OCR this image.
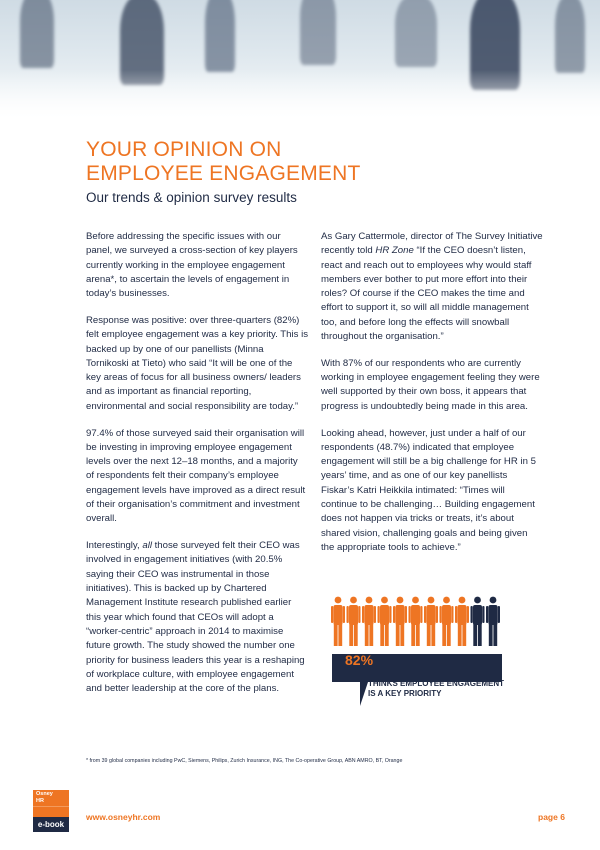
YOUR OPINION ON
EMPLOYEE ENGAGEMENT

Our trends & opinion survey results

Before addressing the specific issues with our panel, we surveyed a cross-section of key players currently working in the employee engagement arena*, to ascertain the levels of engagement in today’s businesses.

Response was positive: over three-quarters (82%) felt employee engagement was a key priority. This is backed up by one of our panellists (Minna Tornikoski at Tieto) who said “It will be one of the key areas of focus for all business owners/ leaders and as important as financial reporting, environmental and social responsibility are today.”

97.4% of those surveyed said their organisation will be investing in improving employee engagement levels over the next 12–18 months, and a majority of respondents felt their company’s employee engagement levels have improved as a direct result of their organisation’s commitment and investment overall.

Interestingly, all those surveyed felt their CEO was involved in engagement initiatives (with 20.5% saying their CEO was instrumental in those initiatives). This is backed up by Chartered Management Institute research published earlier this year which found that CEOs will adopt a “worker-centric” approach in 2014 to maximise future growth. The study showed the number one priority for business leaders this year is a reshaping of workplace culture, with employee engagement and better leadership at the core of the plans.

As Gary Cattermole, director of The Survey Initiative recently told HR Zone “If the CEO doesn’t listen, react and reach out to employees why would staff members ever bother to put more effort into their roles? Of course if the CEO makes the time and effort to support it, so will all middle management too, and before long the effects will snowball throughout the organisation.”

With 87% of our respondents who are currently working in employee engagement feeling they were well supported by their own boss, it appears that progress is undoubtedly being made in this area.

Looking ahead, however, just under a half of our respondents (48.7%) indicated that employee engagement will still be a big challenge for HR in 5 years’ time, and as one of our key panellists Fiskar’s Katri Heikkila intimated: “Times will continue to be challenging… Building engagement does not happen via tricks or treats, it’s about shared vision, challenging goals and being given the appropriate tools to achieve.”

82%
THINKS EMPLOYEE ENGAGEMENT
IS A KEY PRIORITY
* from 39 global companies including PwC, Siemens, Philips, Zurich Insurance, ING, The Co-operative Group, ABN AMRO, BT, Orange
Osney
HR
e-book
www.osneyhr.com	page 6
